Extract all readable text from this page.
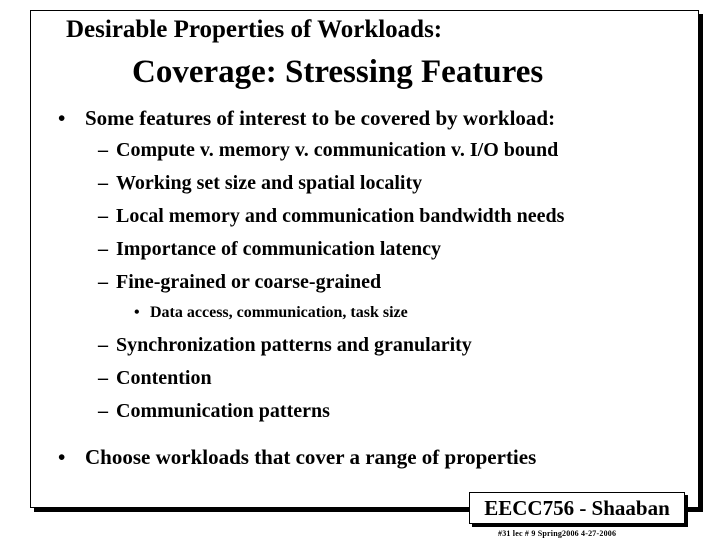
Desirable Properties of Workloads:
Coverage: Stressing Features
• Some features of interest to be covered by workload:
– Compute v. memory v. communication v. I/O bound
– Working set size and spatial locality
– Local memory and communication bandwidth needs
– Importance of communication latency
– Fine-grained or coarse-grained
• Data access, communication, task size
– Synchronization patterns and granularity
– Contention
– Communication patterns
• Choose workloads that cover a range of properties
EECC756 - Shaaban
#31 lec # 9 Spring2006 4-27-2006
